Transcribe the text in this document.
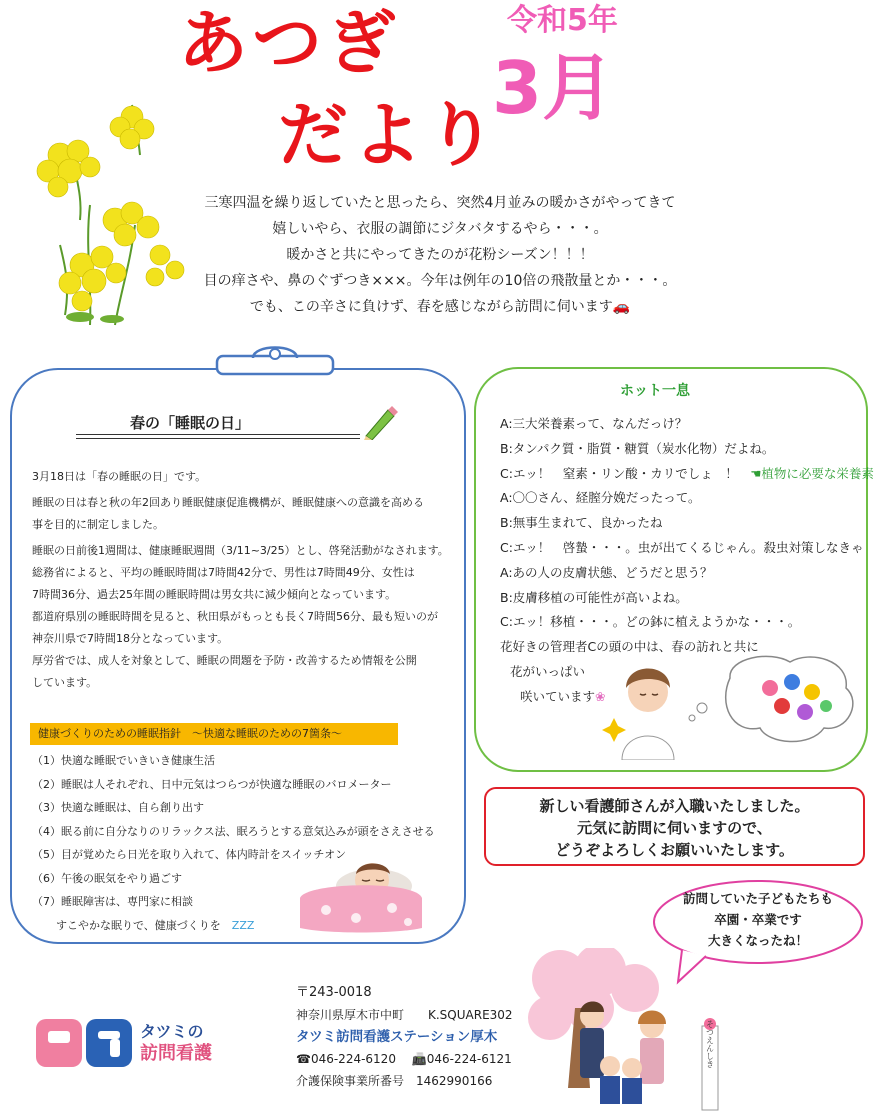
あつぎ
だより
令和5年
3月
三寒四温を繰り返していたと思ったら、突然4月並みの暖かさがやってきて
嬉しいやら、衣服の調節にジタバタするやら・・・。
暖かさと共にやってきたのが花粉シーズン！！！
目の痒さや、鼻のぐずつき×××。今年は例年の10倍の飛散量とか・・・。
でも、この辛さに負けず、春を感じながら訪問に伺います🚗
春の「睡眠の日」
3月18日は「春の睡眠の日」です。
睡眠の日は春と秋の年2回あり睡眠健康促進機構が、睡眠健康への意識を高める
事を目的に制定しました。
睡眠の日前後1週間は、健康睡眠週間（3/11~3/25）とし、啓発活動がなされます。
総務省によると、平均の睡眠時間は7時間42分で、男性は7時間49分、女性は
7時間36分、過去25年間の睡眠時間は男女共に減少傾向となっています。
都道府県別の睡眠時間を見ると、秋田県がもっとも長く7時間56分、最も短いのが
神奈川県で7時間18分となっています。
厚労省では、成人を対象として、睡眠の問題を予防・改善するため情報を公開
しています。
健康づくりのための睡眠指針　～快適な睡眠のための7箇条～
（1）快適な睡眠でいきいき健康生活
（2）睡眠は人それぞれ、日中元気はつらつが快適な睡眠のバロメーター
（3）快適な睡眠は、自ら創り出す
（4）眠る前に自分なりのリラックス法、眠ろうとする意気込みが頭をさえさせる
（5）目が覚めたら日光を取り入れて、体内時計をスイッチオン
（6）午後の眠気をやり過ごす
（7）睡眠障害は、専門家に相談
すこやかな眠りで、健康づくりを　 ZZZ
ホット一息
A:三大栄養素って、なんだっけ？
B:タンパク質・脂質・糖質（炭水化物）だよね。
C:エッ！　窒素・リン酸・カリでしょ　！　 ☚植物に必要な栄養素
A:〇〇さん、経膣分娩だったって。
B:無事生まれて、良かったね
C:エッ！　啓蟄・・・。虫が出てくるじゃん。殺虫対策しなきゃ
A:あの人の皮膚状態、どうだと思う？
B:皮膚移植の可能性が高いよね。
C:エッ！移植・・・。どの鉢に植えようかな・・・。
花好きの管理者Cの頭の中は、春の訪れと共に
花がいっぱい
咲いています❀
新しい看護師さんが入職いたしました。
元気に訪問に伺いますので、
どうぞよろしくお願いいたします。
訪問していた子どもたちも
卒園・卒業です
大きくなったね！
そつえんしき
〒243-0018
神奈川県厚木市中町　　K.SQUARE302
タツミ訪問看護ステーション厚木
☎046-224-6120 　📠046-224-6121
介護保険事業所番号　1462990166
タツミの
訪問看護
